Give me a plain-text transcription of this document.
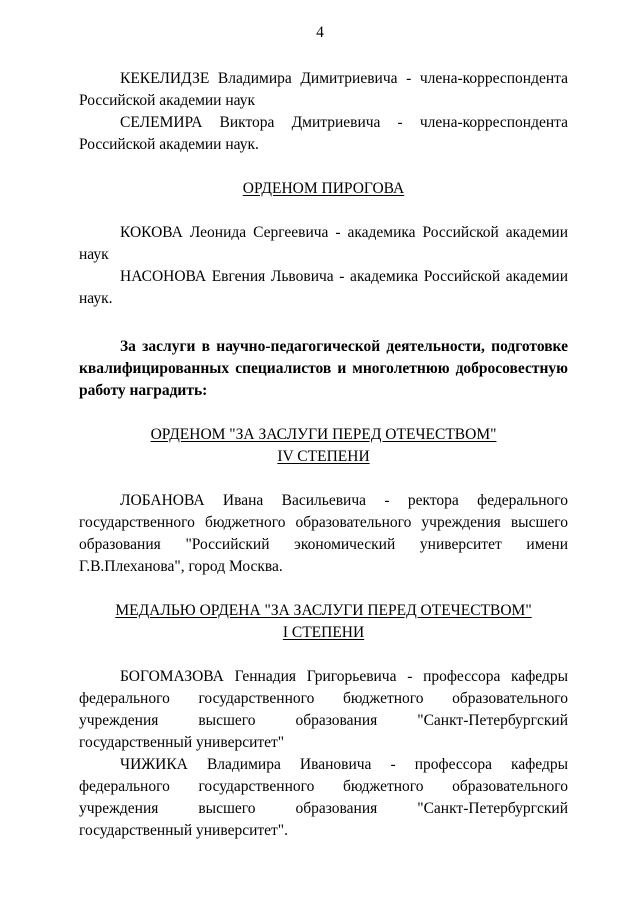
4

КЕКЕЛИДЗЕ Владимира Димитриевича - члена-корреспондента Российской академии наук

СЕЛЕМИРА Виктора Дмитриевича - члена-корреспондента Российской академии наук.

ОРДЕНОМ ПИРОГОВА

КОКОВА Леонида Сергеевича - академика Российской академии наук

НАСОНОВА Евгения Львовича - академика Российской академии наук.

За заслуги в научно-педагогической деятельности, подготовке квалифицированных специалистов и многолетнюю добросовестную работу наградить:

ОРДЕНОМ "ЗА ЗАСЛУГИ ПЕРЕД ОТЕЧЕСТВОМ"

IV СТЕПЕНИ

ЛОБАНОВА Ивана Васильевича - ректора федерального государственного бюджетного образовательного учреждения высшего образования "Российский экономический университет имени Г.В.Плеханова", город Москва.

МЕДАЛЬЮ ОРДЕНА "ЗА ЗАСЛУГИ ПЕРЕД ОТЕЧЕСТВОМ"

I СТЕПЕНИ

БОГОМАЗОВА Геннадия Григорьевича - профессора кафедры федерального государственного бюджетного образовательного учреждения высшего образования "Санкт-Петербургский государственный университет"

ЧИЖИКА Владимира Ивановича - профессора кафедры федерального государственного бюджетного образовательного учреждения высшего образования "Санкт-Петербургский государственный университет".
